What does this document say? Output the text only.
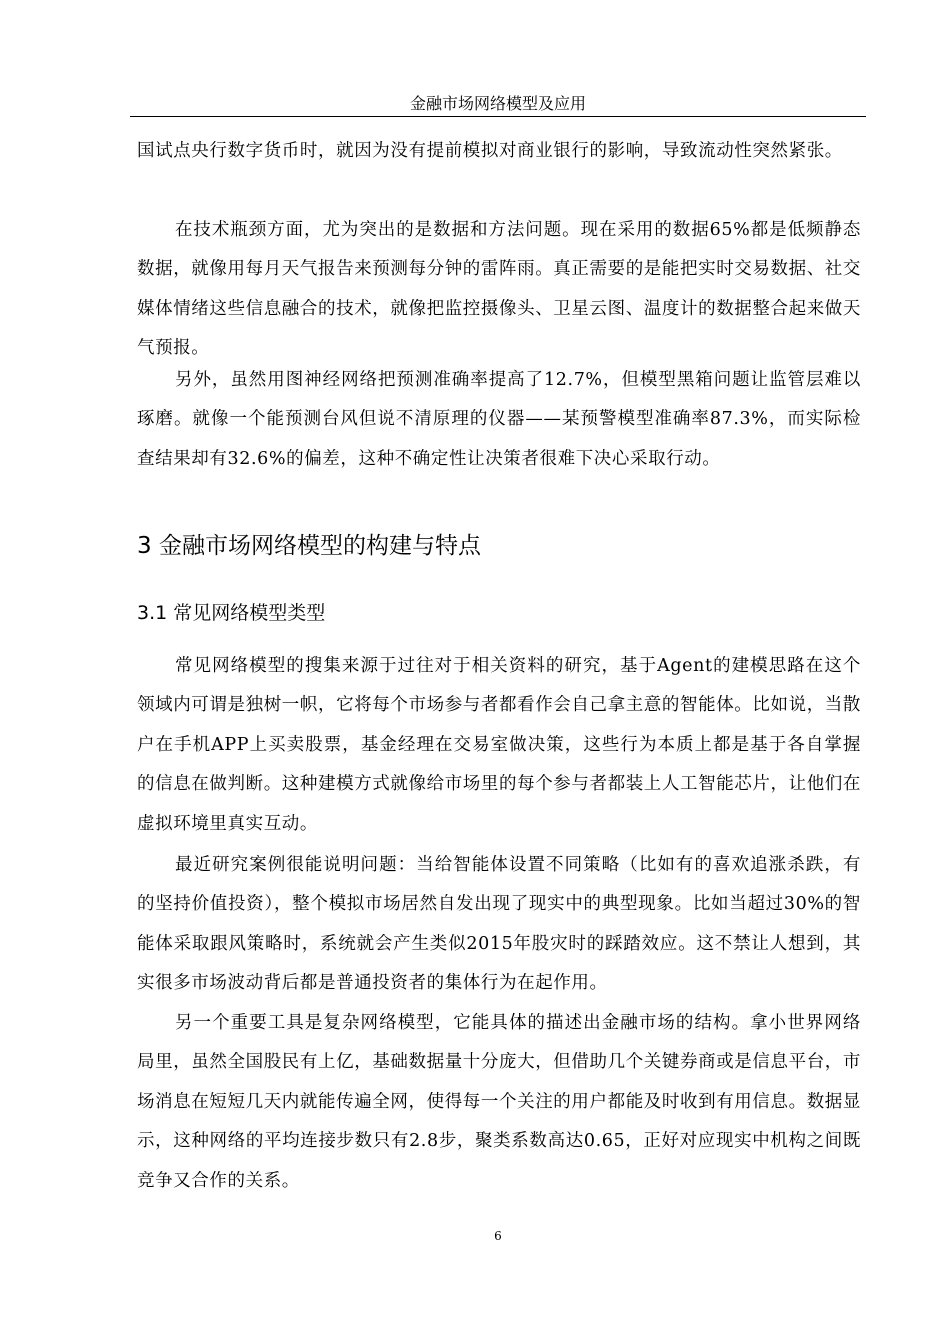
金融市场网络模型及应用

国试点央行数字货币时，就因为没有提前模拟对商业银行的影响，导致流动性突然紧张。

在技术瓶颈方面，尤为突出的是数据和方法问题。现在采用的数据65%都是低频静态数据，就像用每月天气报告来预测每分钟的雷阵雨。真正需要的是能把实时交易数据、社交媒体情绪这些信息融合的技术，就像把监控摄像头、卫星云图、温度计的数据整合起来做天气预报。

另外，虽然用图神经网络把预测准确率提高了12.7%，但模型黑箱问题让监管层难以琢磨。就像一个能预测台风但说不清原理的仪器——某预警模型准确率87.3%，而实际检查结果却有32.6%的偏差，这种不确定性让决策者很难下决心采取行动。

3 金融市场网络模型的构建与特点
3.1 常见网络模型类型

常见网络模型的搜集来源于过往对于相关资料的研究，基于Agent的建模思路在这个领域内可谓是独树一帜，它将每个市场参与者都看作会自己拿主意的智能体。比如说，当散户在手机APP上买卖股票，基金经理在交易室做决策，这些行为本质上都是基于各自掌握的信息在做判断。这种建模方式就像给市场里的每个参与者都装上人工智能芯片，让他们在虚拟环境里真实互动。

最近研究案例很能说明问题：当给智能体设置不同策略（比如有的喜欢追涨杀跌，有的坚持价值投资），整个模拟市场居然自发出现了现实中的典型现象。比如当超过30%的智能体采取跟风策略时，系统就会产生类似2015年股灾时的踩踏效应。这不禁让人想到，其实很多市场波动背后都是普通投资者的集体行为在起作用。

另一个重要工具是复杂网络模型，它能具体的描述出金融市场的结构。拿小世界网络局里，虽然全国股民有上亿，基础数据量十分庞大，但借助几个关键券商或是信息平台，市场消息在短短几天内就能传遍全网，使得每一个关注的用户都能及时收到有用信息。数据显示，这种网络的平均连接步数只有2.8步，聚类系数高达0.65，正好对应现实中机构之间既竞争又合作的关系。

6
